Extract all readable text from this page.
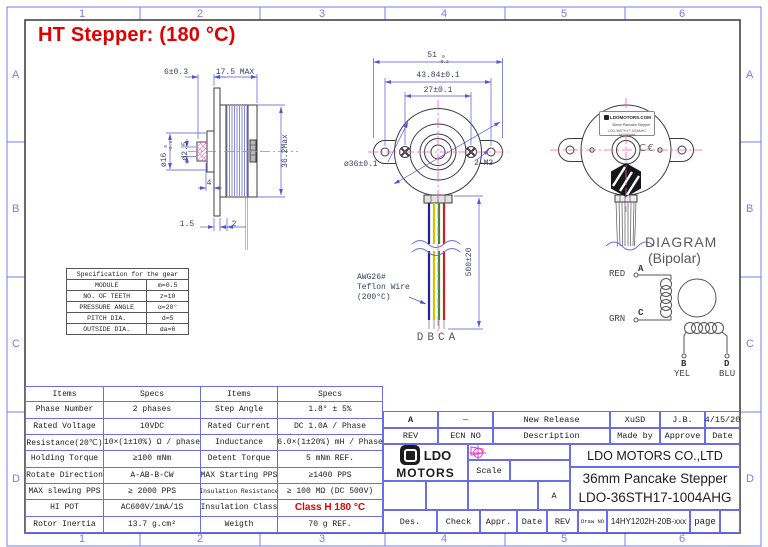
HT Stepper: (180 °C)
1	2	3	4	5	6
1	2	3	4	5	6
A
B
C
D
A
B
C
D
6±0.3	17.5 MAX
36.2Max
ø16
0 -0.1 ø2.5
4
1.5	2
51	0
-0.2
43.84±0.1
27±0.1
ø36±0.1	2-M3
AWG26#
Teflon Wire
(200°C)
500±20
DBCA
LDOMOTORS.COM
36mm Pancake Stepper
LDO-36STH17-1004AHG #YYWW##
C€
DIAGRAM
(Bipolar)
RED A
GRN
C
B
YEL
D
BLU
Specification for the gear
MODULE	m=0.5
NO. OF TEETH	z=10
PRESSURE ANGLE	α=20°
PITCH DIA.	d=5
OUTSIDE DIA.	da=6
Items	Specs	Items	Specs
Phase Number	2 phases	Step Angle	1.8° ± 5%
Rated Voltage	10VDC	Rated Current	DC 1.0A / Phase
Resistance(20℃) 10×(1±10%) Ω / phase	Inductance	6.0×(1±20%) mH / Phase
Holding Torque	≥100 mNm	Detent Torque	5 mNm REF.
Rotate Direction	A-AB-B-CW	MAX Starting PPS	≥1400 PPS
MAX slewing PPS	≥ 2000 PPS	Insulation Resistance	≥ 100 MΩ (DC 500V)
HI POT	AC600V/1mA/1S	Insulation Class	Class H 180 °C
Rotor Inertia	13.7 g.cm²	Weigth	70 g REF.
A	—	New Release	XuSD	J.B.	4/15/20
REV	ECN NO	Description	Made by	Approve	Date
LDO
MOTORS	Scale
A
LDO MOTORS CO.,LTD
36mm Pancake Stepper
LDO-36STH17-1004AHG
Des.	Check	Appr.	Date	REV	Draw NO 14HY1202H-20B-xxx page
